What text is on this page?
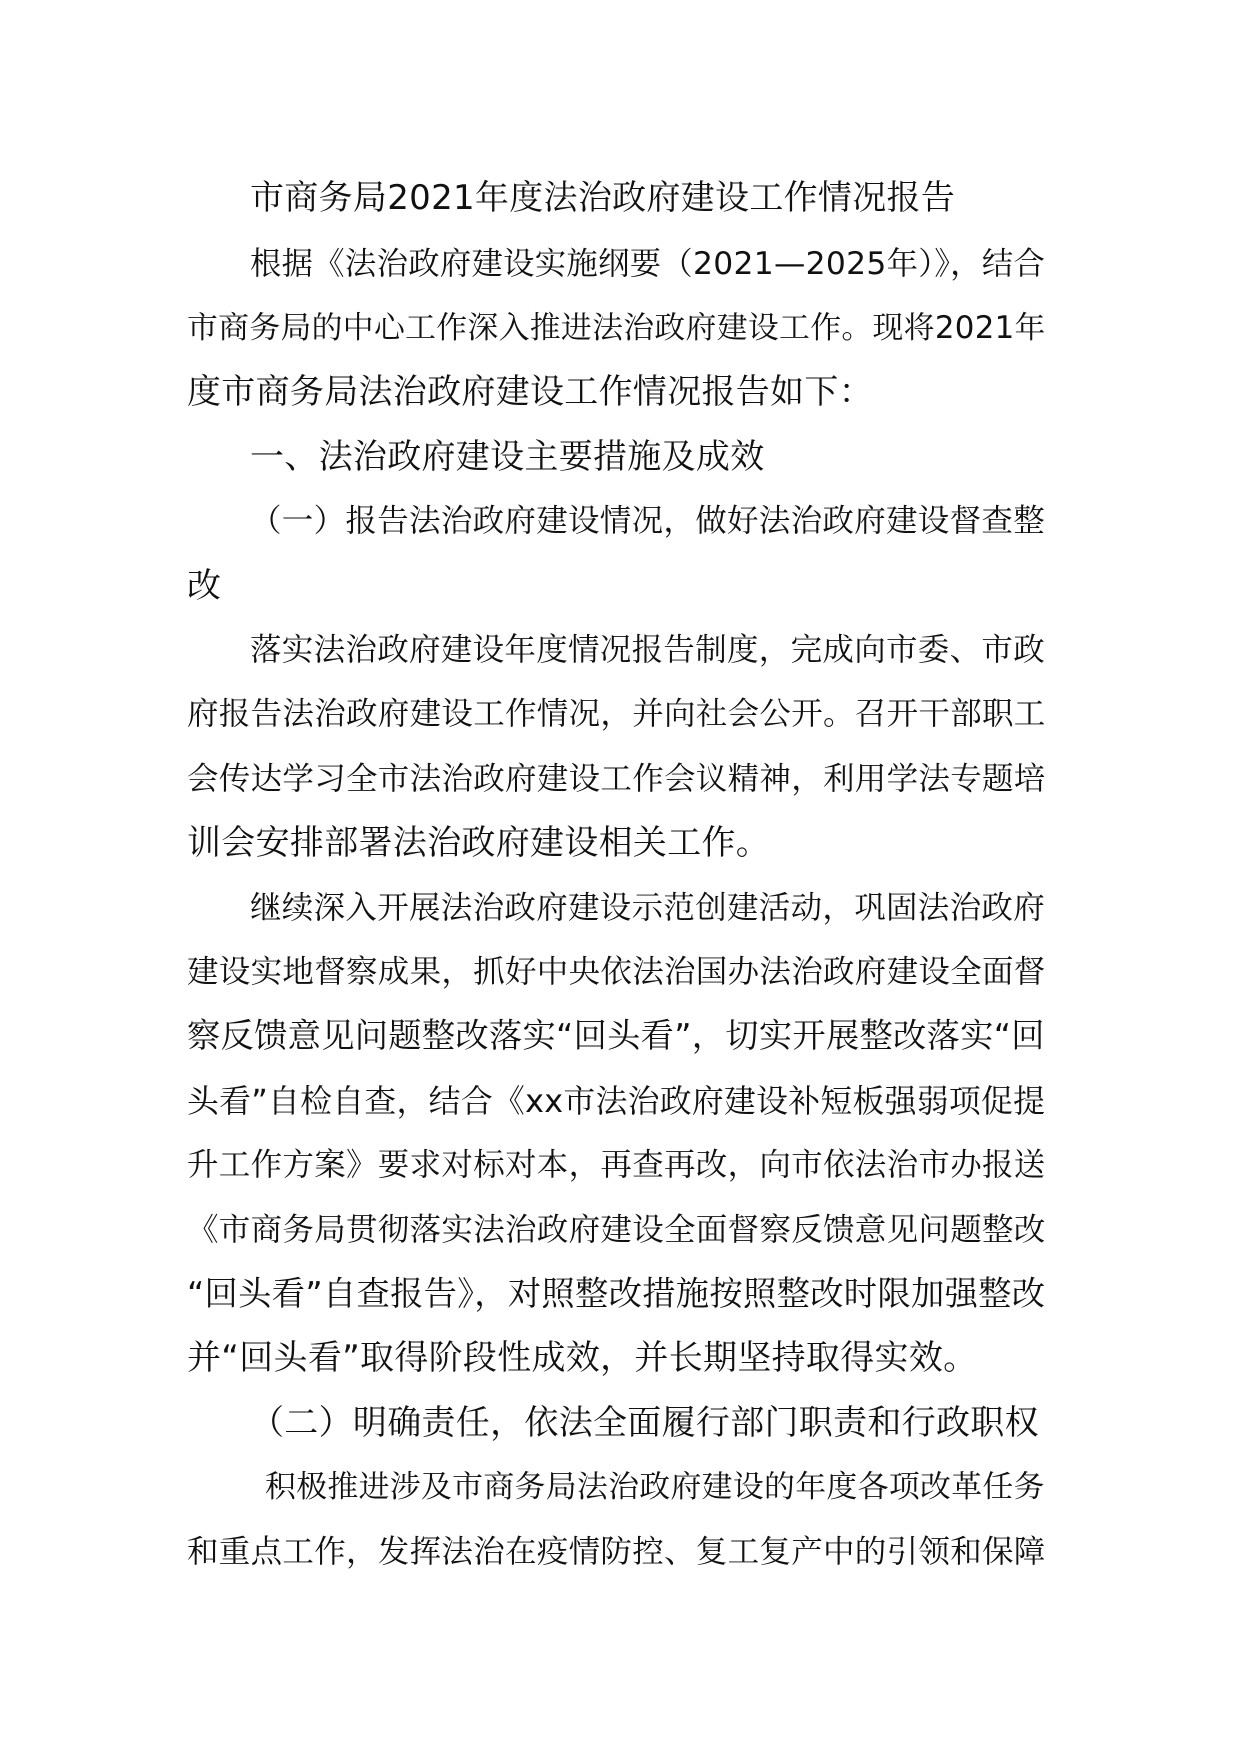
市商务局2021年度法治政府建设工作情况报告
根据《法治政府建设实施纲要（2021—2025年）》，结合
市商务局的中心工作深入推进法治政府建设工作。现将2021年
度市商务局法治政府建设工作情况报告如下：
一、法治政府建设主要措施及成效
（一）报告法治政府建设情况，做好法治政府建设督查整
改
落实法治政府建设年度情况报告制度，完成向市委、市政
府报告法治政府建设工作情况，并向社会公开。召开干部职工
会传达学习全市法治政府建设工作会议精神，利用学法专题培
训会安排部署法治政府建设相关工作。
继续深入开展法治政府建设示范创建活动，巩固法治政府
建设实地督察成果，抓好中央依法治国办法治政府建设全面督
察反馈意见问题整改落实“回头看”，切实开展整改落实“回
头看”自检自查，结合《xx市法治政府建设补短板强弱项促提
升工作方案》要求对标对本，再查再改，向市依法治市办报送
《市商务局贯彻落实法治政府建设全面督察反馈意见问题整改
“回头看”自查报告》，对照整改措施按照整改时限加强整改
并“回头看”取得阶段性成效，并长期坚持取得实效。
（二）明确责任，依法全面履行部门职责和行政职权
积极推进涉及市商务局法治政府建设的年度各项改革任务
和重点工作，发挥法治在疫情防控、复工复产中的引领和保障
